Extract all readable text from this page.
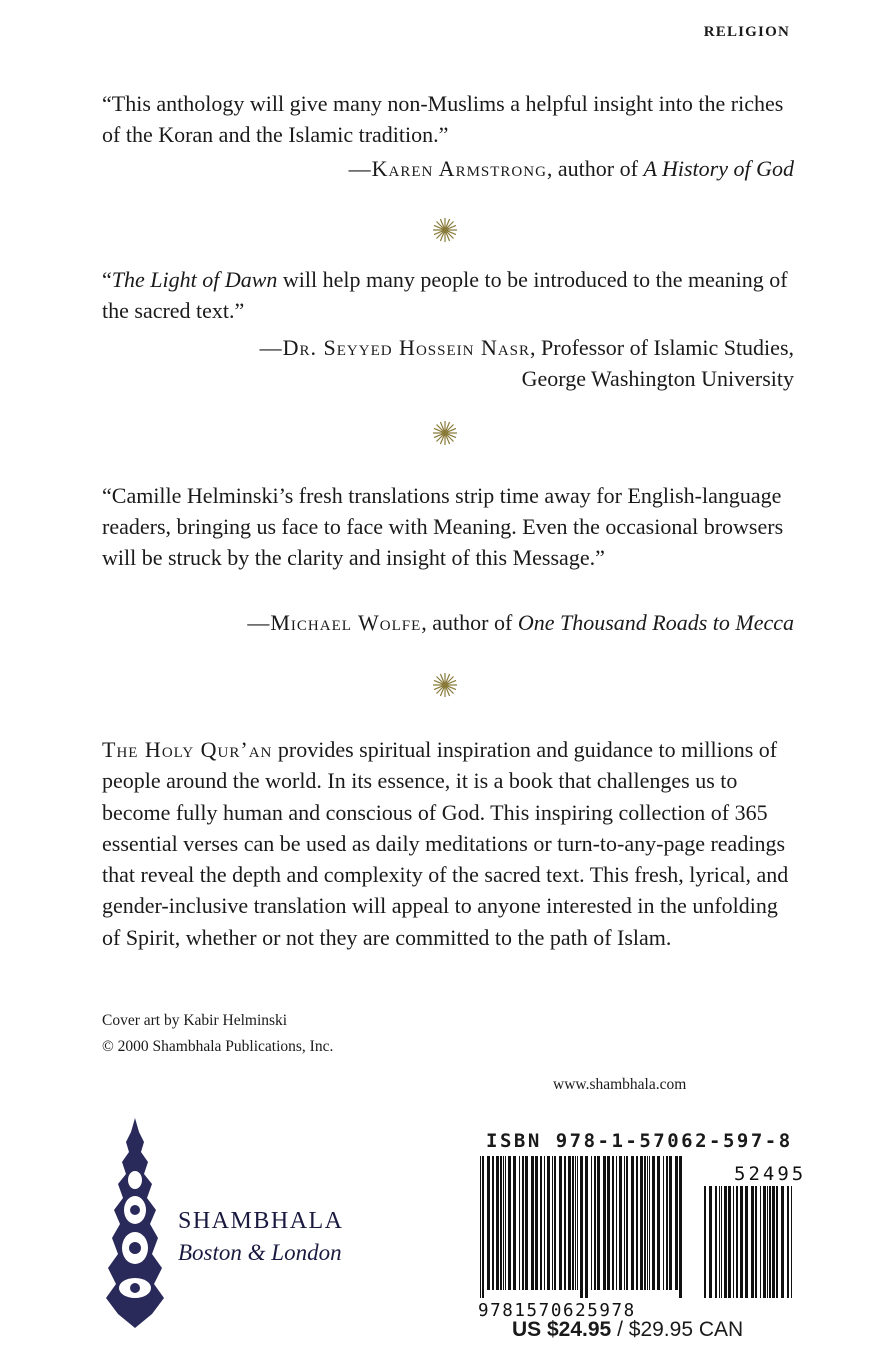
RELIGION
“This anthology will give many non-Muslims a helpful insight into the riches of the Koran and the Islamic tradition.”
—Karen Armstrong, author of A History of God
“The Light of Dawn will help many people to be introduced to the meaning of the sacred text.”
—Dr. Seyyed Hossein Nasr, Professor of Islamic Studies,
George Washington University
“Camille Helminski’s fresh translations strip time away for English-language readers, bringing us face to face with Meaning. Even the occasional browsers will be struck by the clarity and insight of this Message.”
—Michael Wolfe, author of One Thousand Roads to Mecca
The Holy Qur’an provides spiritual inspiration and guidance to millions of people around the world. In its essence, it is a book that challenges us to become fully human and conscious of God. This inspiring collection of 365 essential verses can be used as daily meditations or turn-to-any-page readings that reveal the depth and complexity of the sacred text. This fresh, lyrical, and gender-inclusive translation will appeal to anyone interested in the unfolding of Spirit, whether or not they are committed to the path of Islam.
Cover art by Kabir Helminski
© 2000 Shambhala Publications, Inc.
www.shambhala.com
SHAMBHALA
Boston & London
ISBN 978-1-57062-597-8
52495
9781570625978
US $24.95 / $29.95 CAN
